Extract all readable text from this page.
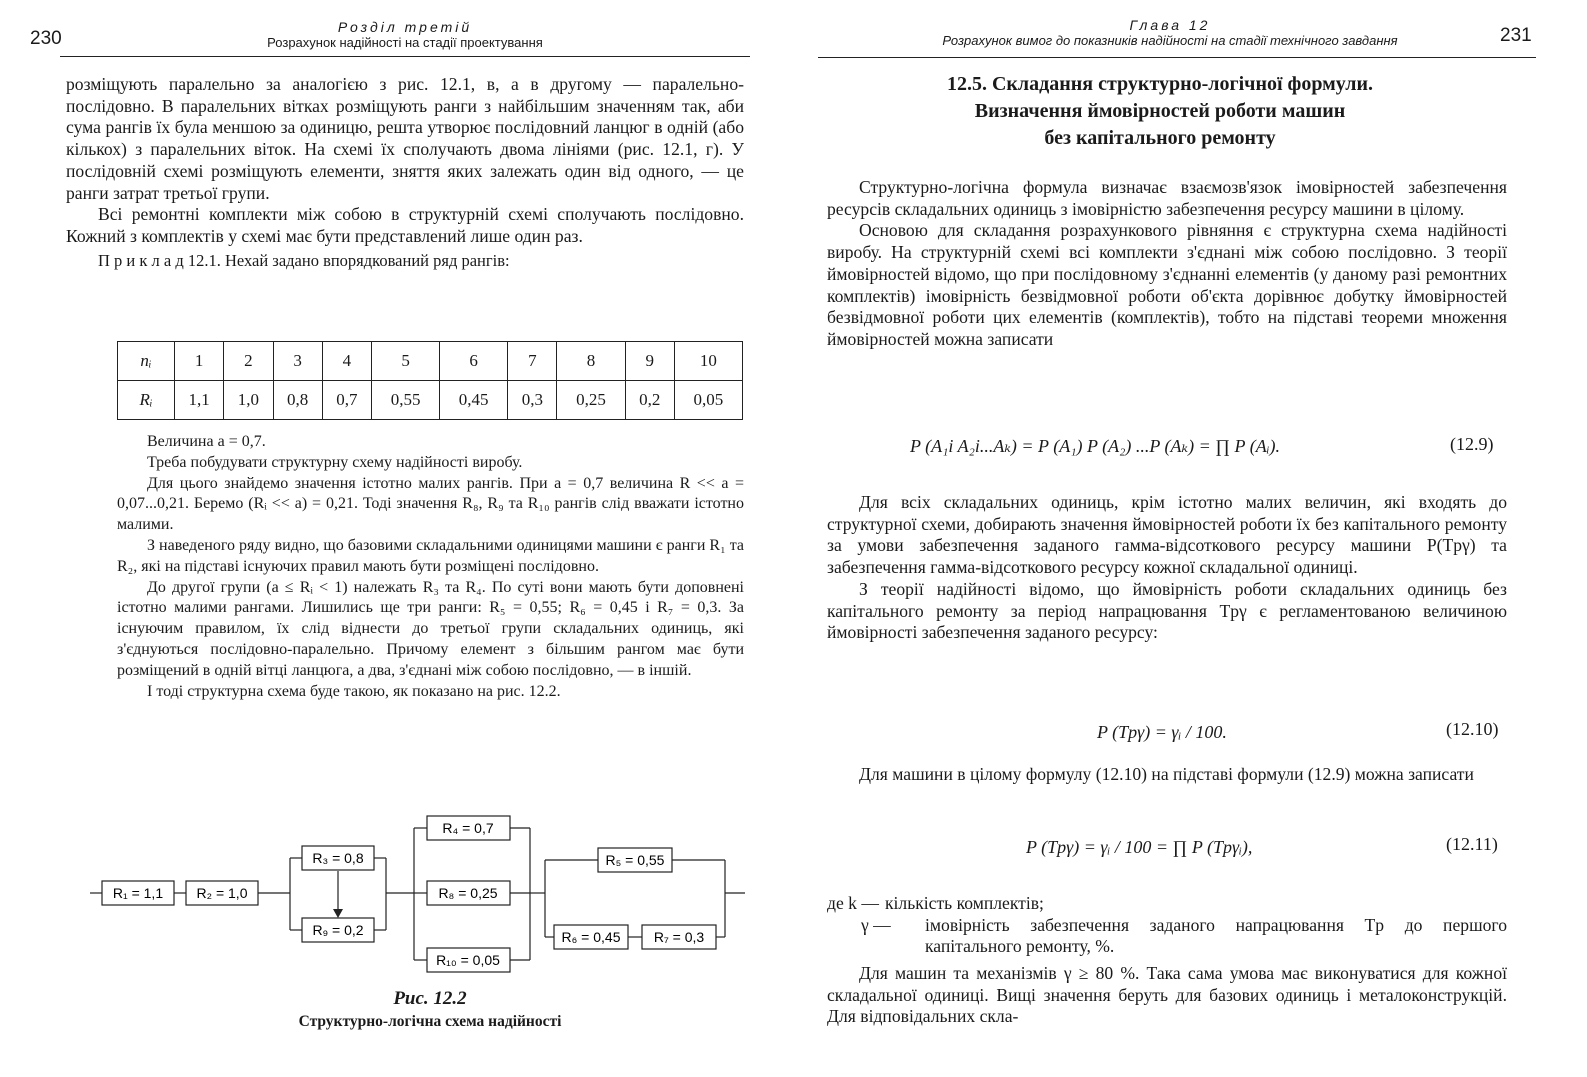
230
Розділ третій
Розрахунок надійності на стадії проектування

розміщують паралельно за аналогією з рис. 12.1, в, а в другому — паралельно-послідовно. В паралельних вітках розміщують ранги з найбільшим значенням так, аби сума рангів їх була меншою за одиницю, решта утворює послідовний ланцюг в одній (або кількох) з паралельних віток. На схемі їх сполучають двома лініями (рис. 12.1, г). У послідовній схемі розміщують елементи, зняття яких залежать один від одного, — це ранги затрат третьої групи.

Всі ремонтні комплекти між собою в структурній схемі сполучають послідовно. Кожний з комплектів у схемі має бути представлений лише один раз.

П р и к л а д 12.1. Нехай задано впорядкований ряд рангів:

nᵢ	1	2	3	4	5	6	7	8	9	10
Rᵢ	1,1	1,0	0,8	0,7	0,55	0,45	0,3	0,25	0,2	0,05

Величина a = 0,7.

Треба побудувати структурну схему надійності виробу.

Для цього знайдемо значення істотно малих рангів. При a = 0,7 величина R << a = 0,07...0,21. Беремо (Rᵢ << a) = 0,21. Тоді значення R₈, R₉ та R₁₀ рангів слід вважати істотно малими.

З наведеного ряду видно, що базовими складальними одиницями машини є ранги R₁ та R₂, які на підставі існуючих правил мають бути розміщені послідовно.

До другої групи (a ≤ Rᵢ < 1) належать R₃ та R₄. По суті вони мають бути доповнені істотно малими рангами. Лишились ще три ранги: R₅ = 0,55; R₆ = 0,45 і R₇ = 0,3. За існуючим правилом, їх слід віднести до третьої групи складальних одиниць, які з'єднуються послідовно-паралельно. Причому елемент з більшим рангом має бути розміщений в одній вітці ланцюга, а два, з'єднані між собою послідовно, — в іншій.

І тоді структурна схема буде такою, як показано на рис. 12.2.

R₁ = 1,1 R₂ = 1,0
R₃ = 0,8
R₉ = 0,2
R₄ = 0,7
R₈ = 0,25
R₁₀ = 0,05
R₅ = 0,55
R₆ = 0,45 R₇ = 0,3
Рис. 12.2
Структурно-логічна схема надійності
Глава 12
Розрахунок вимог до показників надійності на стадії технічного завдання	231
12.5. Складання структурно-логічної формули.
Визначення ймовірностей роботи машин
без капітального ремонту

Структурно-логічна формула визначає взаємозв'язок імовірностей забезпечення ресурсів складальних одиниць з імовірністю забезпечення ресурсу машини в цілому.

Основою для складання розрахункового рівняння є структурна схема надійності виробу. На структурній схемі всі комплекти з'єднані між собою послідовно. З теорії ймовірностей відомо, що при послідовному з'єднанні елементів (у даному разі ремонтних комплектів) імовірність безвідмовної роботи об'єкта дорівнює добутку ймовірностей безвідмовної роботи цих елементів (комплектів), тобто на підставі теореми множення ймовірностей можна записати

P (A₁i A₂i...Aₖ) = P (A₁) P (A₂) ...P (Aₖ) = ∏ P (Aᵢ).	(12.9)

Для всіх складальних одиниць, крім істотно малих величин, які входять до структурної схеми, добирають значення ймовірностей роботи їх без капітального ремонту за умови забезпечення заданого гамма-відсоткового ресурсу машини P(Tрγ) та забезпечення гамма-відсоткового ресурсу кожної складальної одиниці.

З теорії надійності відомо, що ймовірність роботи складальних одиниць без капітального ремонту за період напрацювання Tрγ є регламентованою величиною ймовірності забезпечення заданого ресурсу:

P (Tрγ) = γᵢ / 100.	(12.10)

Для машини в цілому формулу (12.10) на підставі формули (12.9) можна записати

P (Tрγ) = γᵢ / 100 = ∏ P (Tрγᵢ),	(12.11)
де k — кількість комплектів;
γ —	імовірність забезпечення заданого напрацювання Tр до першого капітального ремонту, %.

Для машин та механізмів γ ≥ 80 %. Така сама умова має виконуватися для кожної складальної одиниці. Вищі значення беруть для базових одиниць і металоконструкцій. Для відповідальних скла-
